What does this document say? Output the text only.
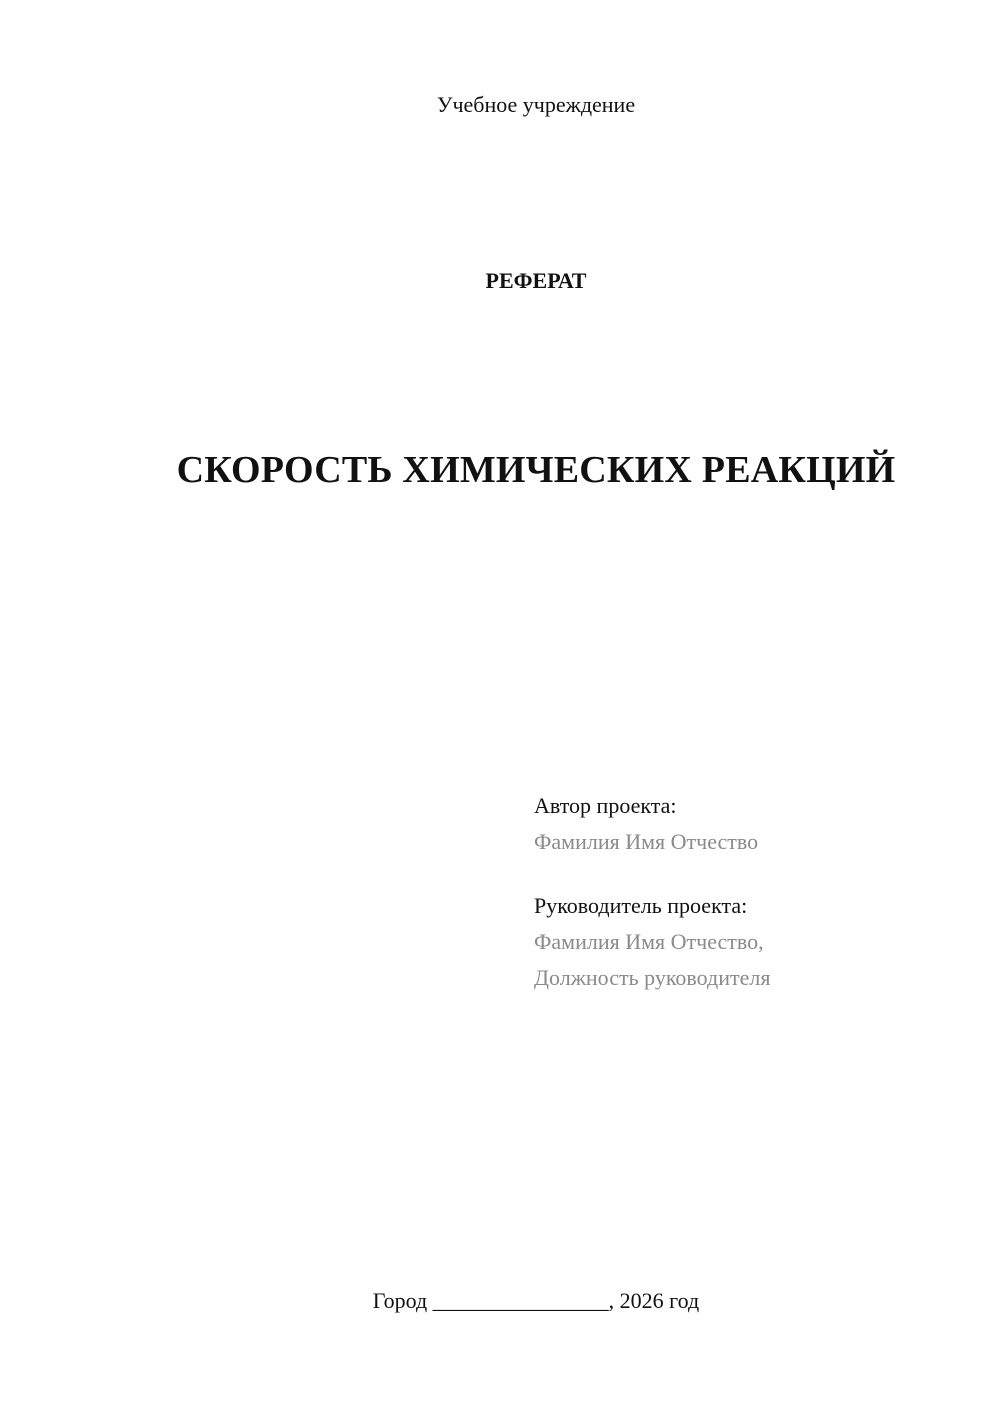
Учебное учреждение
РЕФЕРАТ
СКОРОСТЬ ХИМИЧЕСКИХ РЕАКЦИЙ
Автор проекта:
Фамилия Имя Отчество
Руководитель проекта:
Фамилия Имя Отчество,
Должность руководителя
Город ________________, 2026 год
